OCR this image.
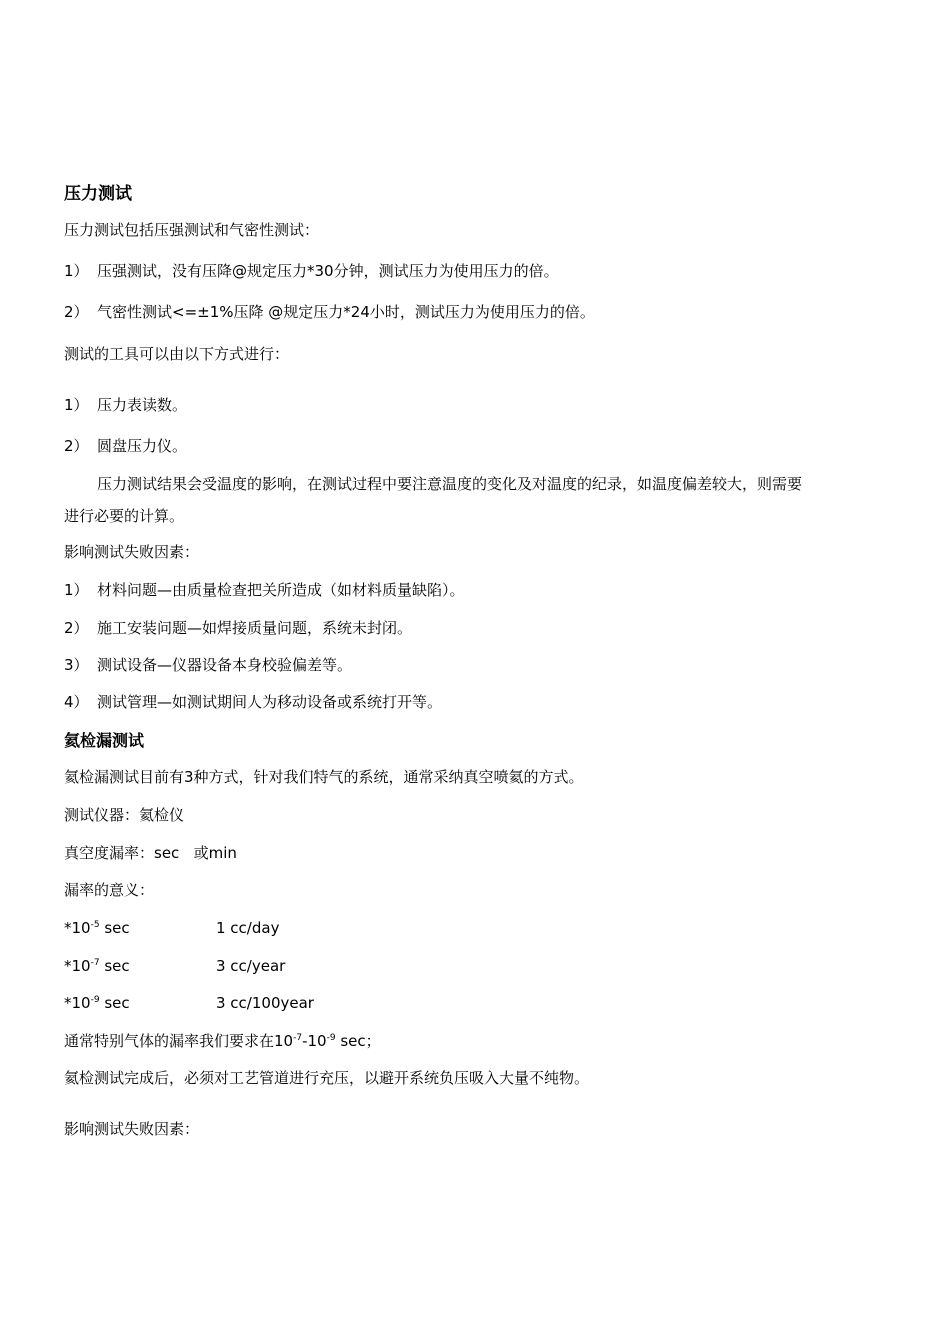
压力测试
压力测试包括压强测试和气密性测试：
1） 压强测试，没有压降@规定压力*30分钟，测试压力为使用压力的倍。
2） 气密性测试<=±1%压降 @规定压力*24小时，测试压力为使用压力的倍。
测试的工具可以由以下方式进行：
1） 压力表读数。
2） 圆盘压力仪。
压力测试结果会受温度的影响，在测试过程中要注意温度的变化及对温度的纪录，如温度偏差较大，则需要
进行必要的计算。
影响测试失败因素：
1） 材料问题—由质量检查把关所造成（如材料质量缺陷）。
2） 施工安装问题—如焊接质量问题，系统未封闭。
3） 测试设备—仪器设备本身校验偏差等。
4） 测试管理—如测试期间人为移动设备或系统打开等。
氦检漏测试
氦检漏测试目前有3种方式，针对我们特气的系统，通常采纳真空喷氦的方式。
测试仪器：氦检仪
真空度漏率：sec   或min
漏率的意义：
$*10^{-5}$ sec	1 cc/day
$*10^{-7}$ sec	3 cc/year
$*10^{-9}$ sec	3 cc/100year
通常特别气体的漏率我们要求在$10^{-7}-10^{-9}$ sec；
氦检测试完成后，必须对工艺管道进行充压，以避开系统负压吸入大量不纯物。
影响测试失败因素：
